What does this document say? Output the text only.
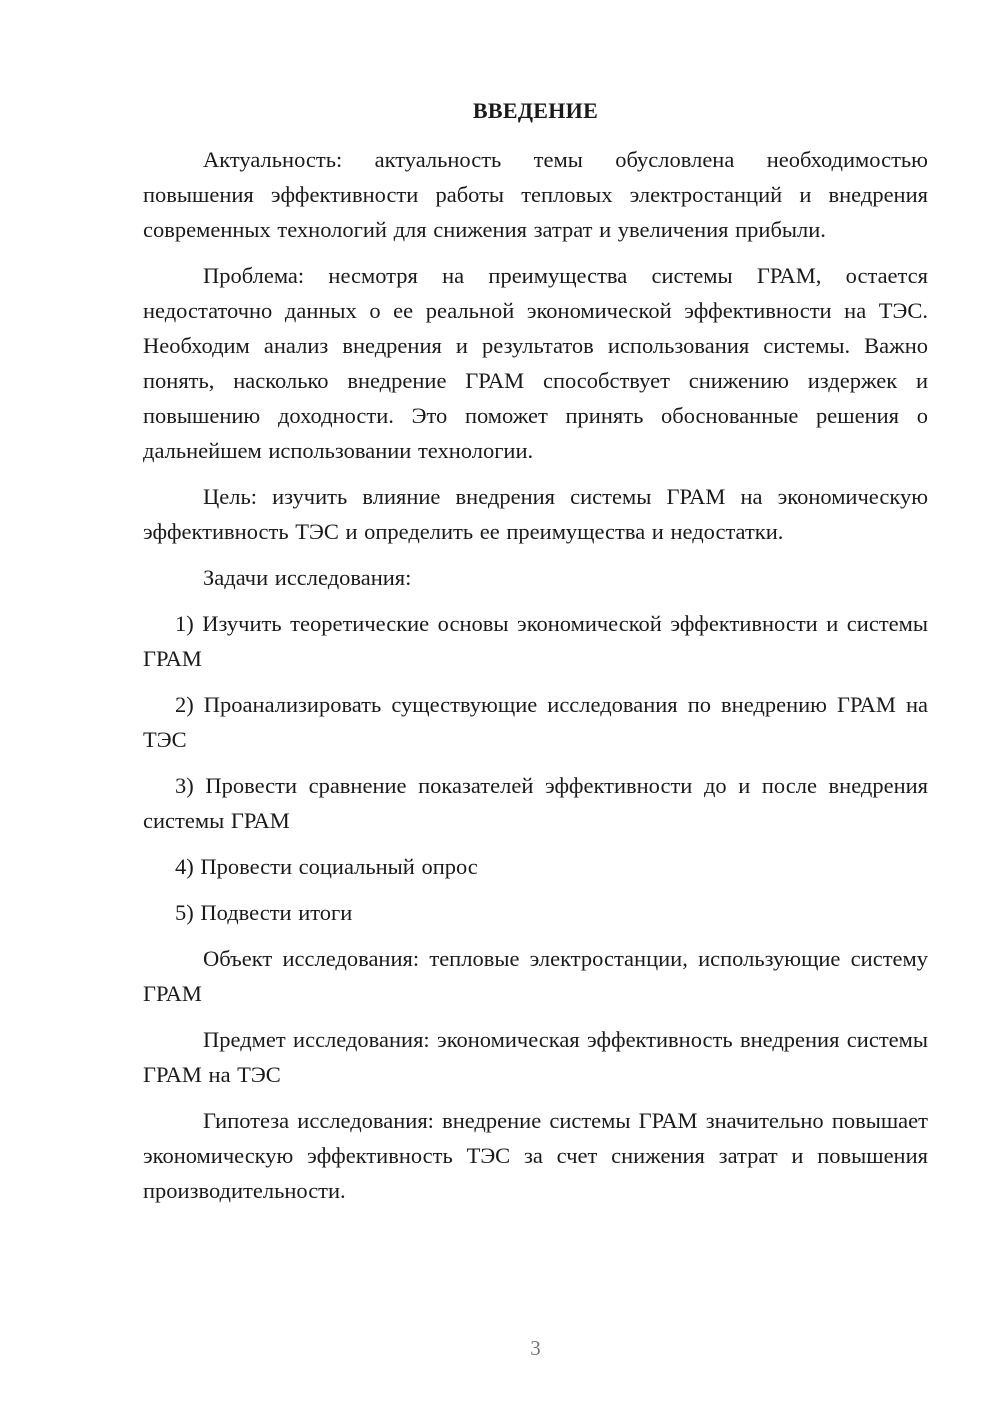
ВВЕДЕНИЕ

Актуальность: актуальность темы обусловлена необходимостью повышения эффективности работы тепловых электростанций и внедрения современных технологий для снижения затрат и увеличения прибыли.

Проблема: несмотря на преимущества системы ГРАМ, остается недостаточно данных о ее реальной экономической эффективности на ТЭС. Необходим анализ внедрения и результатов использования системы. Важно понять, насколько внедрение ГРАМ способствует снижению издержек и повышению доходности. Это поможет принять обоснованные решения о дальнейшем использовании технологии.

Цель: изучить влияние внедрения системы ГРАМ на экономическую эффективность ТЭС и определить ее преимущества и недостатки.

Задачи исследования:

1) Изучить теоретические основы экономической эффективности и системы ГРАМ

2) Проанализировать существующие исследования по внедрению ГРАМ на ТЭС

3) Провести сравнение показателей эффективности до и после внедрения системы ГРАМ

4) Провести социальный опрос

5) Подвести итоги

Объект исследования: тепловые электростанции, использующие систему ГРАМ

Предмет исследования: экономическая эффективность внедрения системы ГРАМ на ТЭС

Гипотеза исследования: внедрение системы ГРАМ значительно повышает экономическую эффективность ТЭС за счет снижения затрат и повышения производительности.

3
